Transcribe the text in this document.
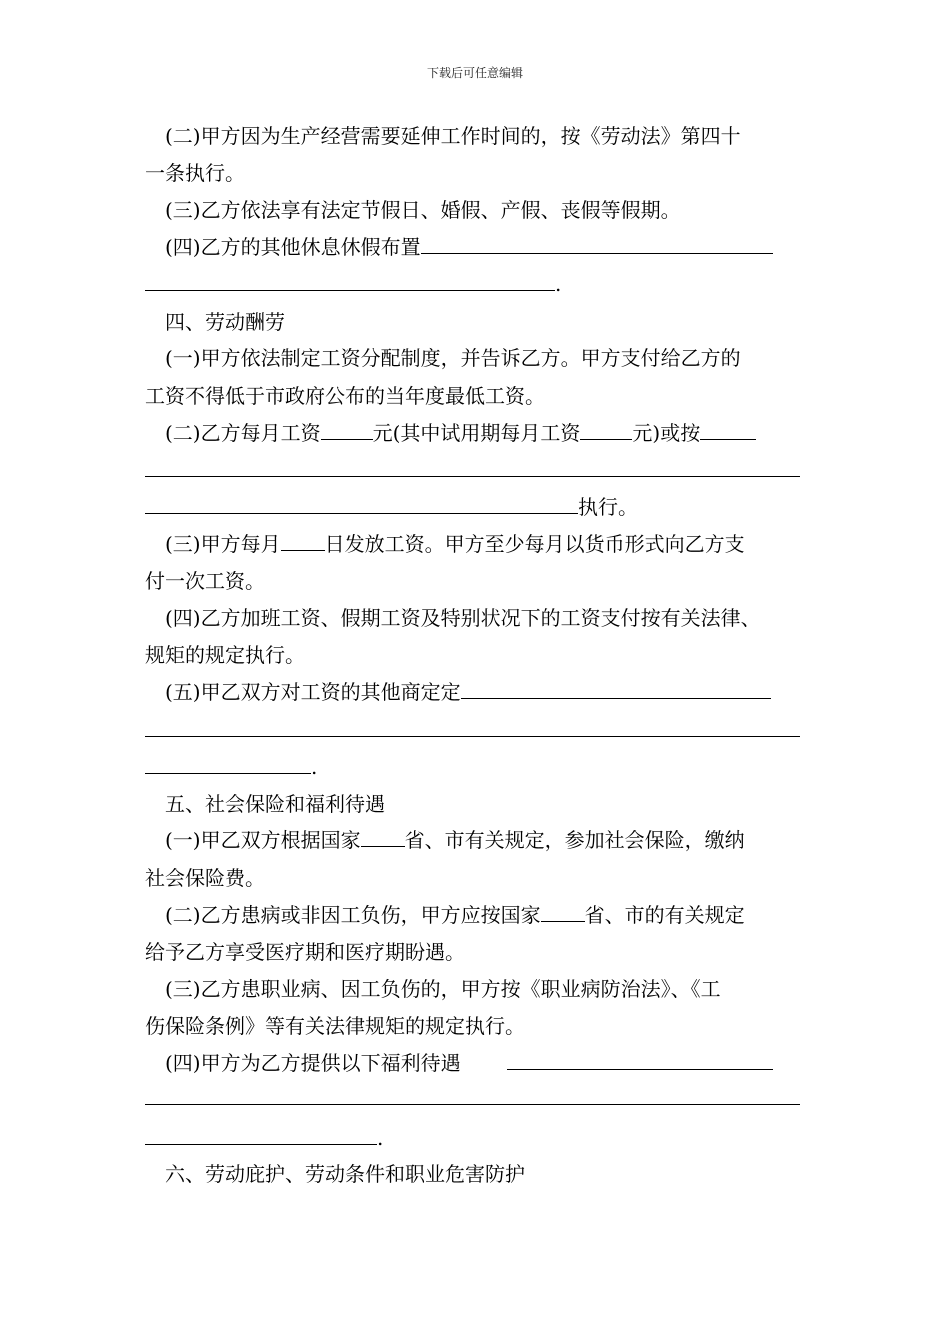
下载后可任意编辑
(二)甲方因为生产经营需要延伸工作时间的，按《劳动法》第四十
一条执行。
(三)乙方依法享有法定节假日、婚假、产假、丧假等假期。
(四)乙方的其他休息休假布置
.
四、劳动酬劳
(一)甲方依法制定工资分配制度，并告诉乙方。甲方支付给乙方的
工资不得低于市政府公布的当年度最低工资。
(二)乙方每月工资	元(其中试用期每月工资	元)或按
执行。
(三)甲方每月 日发放工资。甲方至少每月以货币形式向乙方支
付一次工资。
(四)乙方加班工资、假期工资及特别状况下的工资支付按有关法律、
规矩的规定执行。
(五)甲乙双方对工资的其他商定定
.
五、社会保险和福利待遇
(一)甲乙双方根据国家 省、市有关规定，参加社会保险，缴纳
社会保险费。
(二)乙方患病或非因工负伤，甲方应按国家 省、市的有关规定
给予乙方享受医疗期和医疗期盼遇。
(三)乙方患职业病、因工负伤的，甲方按《职业病防治法》、《工
伤保险条例》等有关法律规矩的规定执行。
(四)甲方为乙方提供以下福利待遇
.
六、劳动庇护、劳动条件和职业危害防护
